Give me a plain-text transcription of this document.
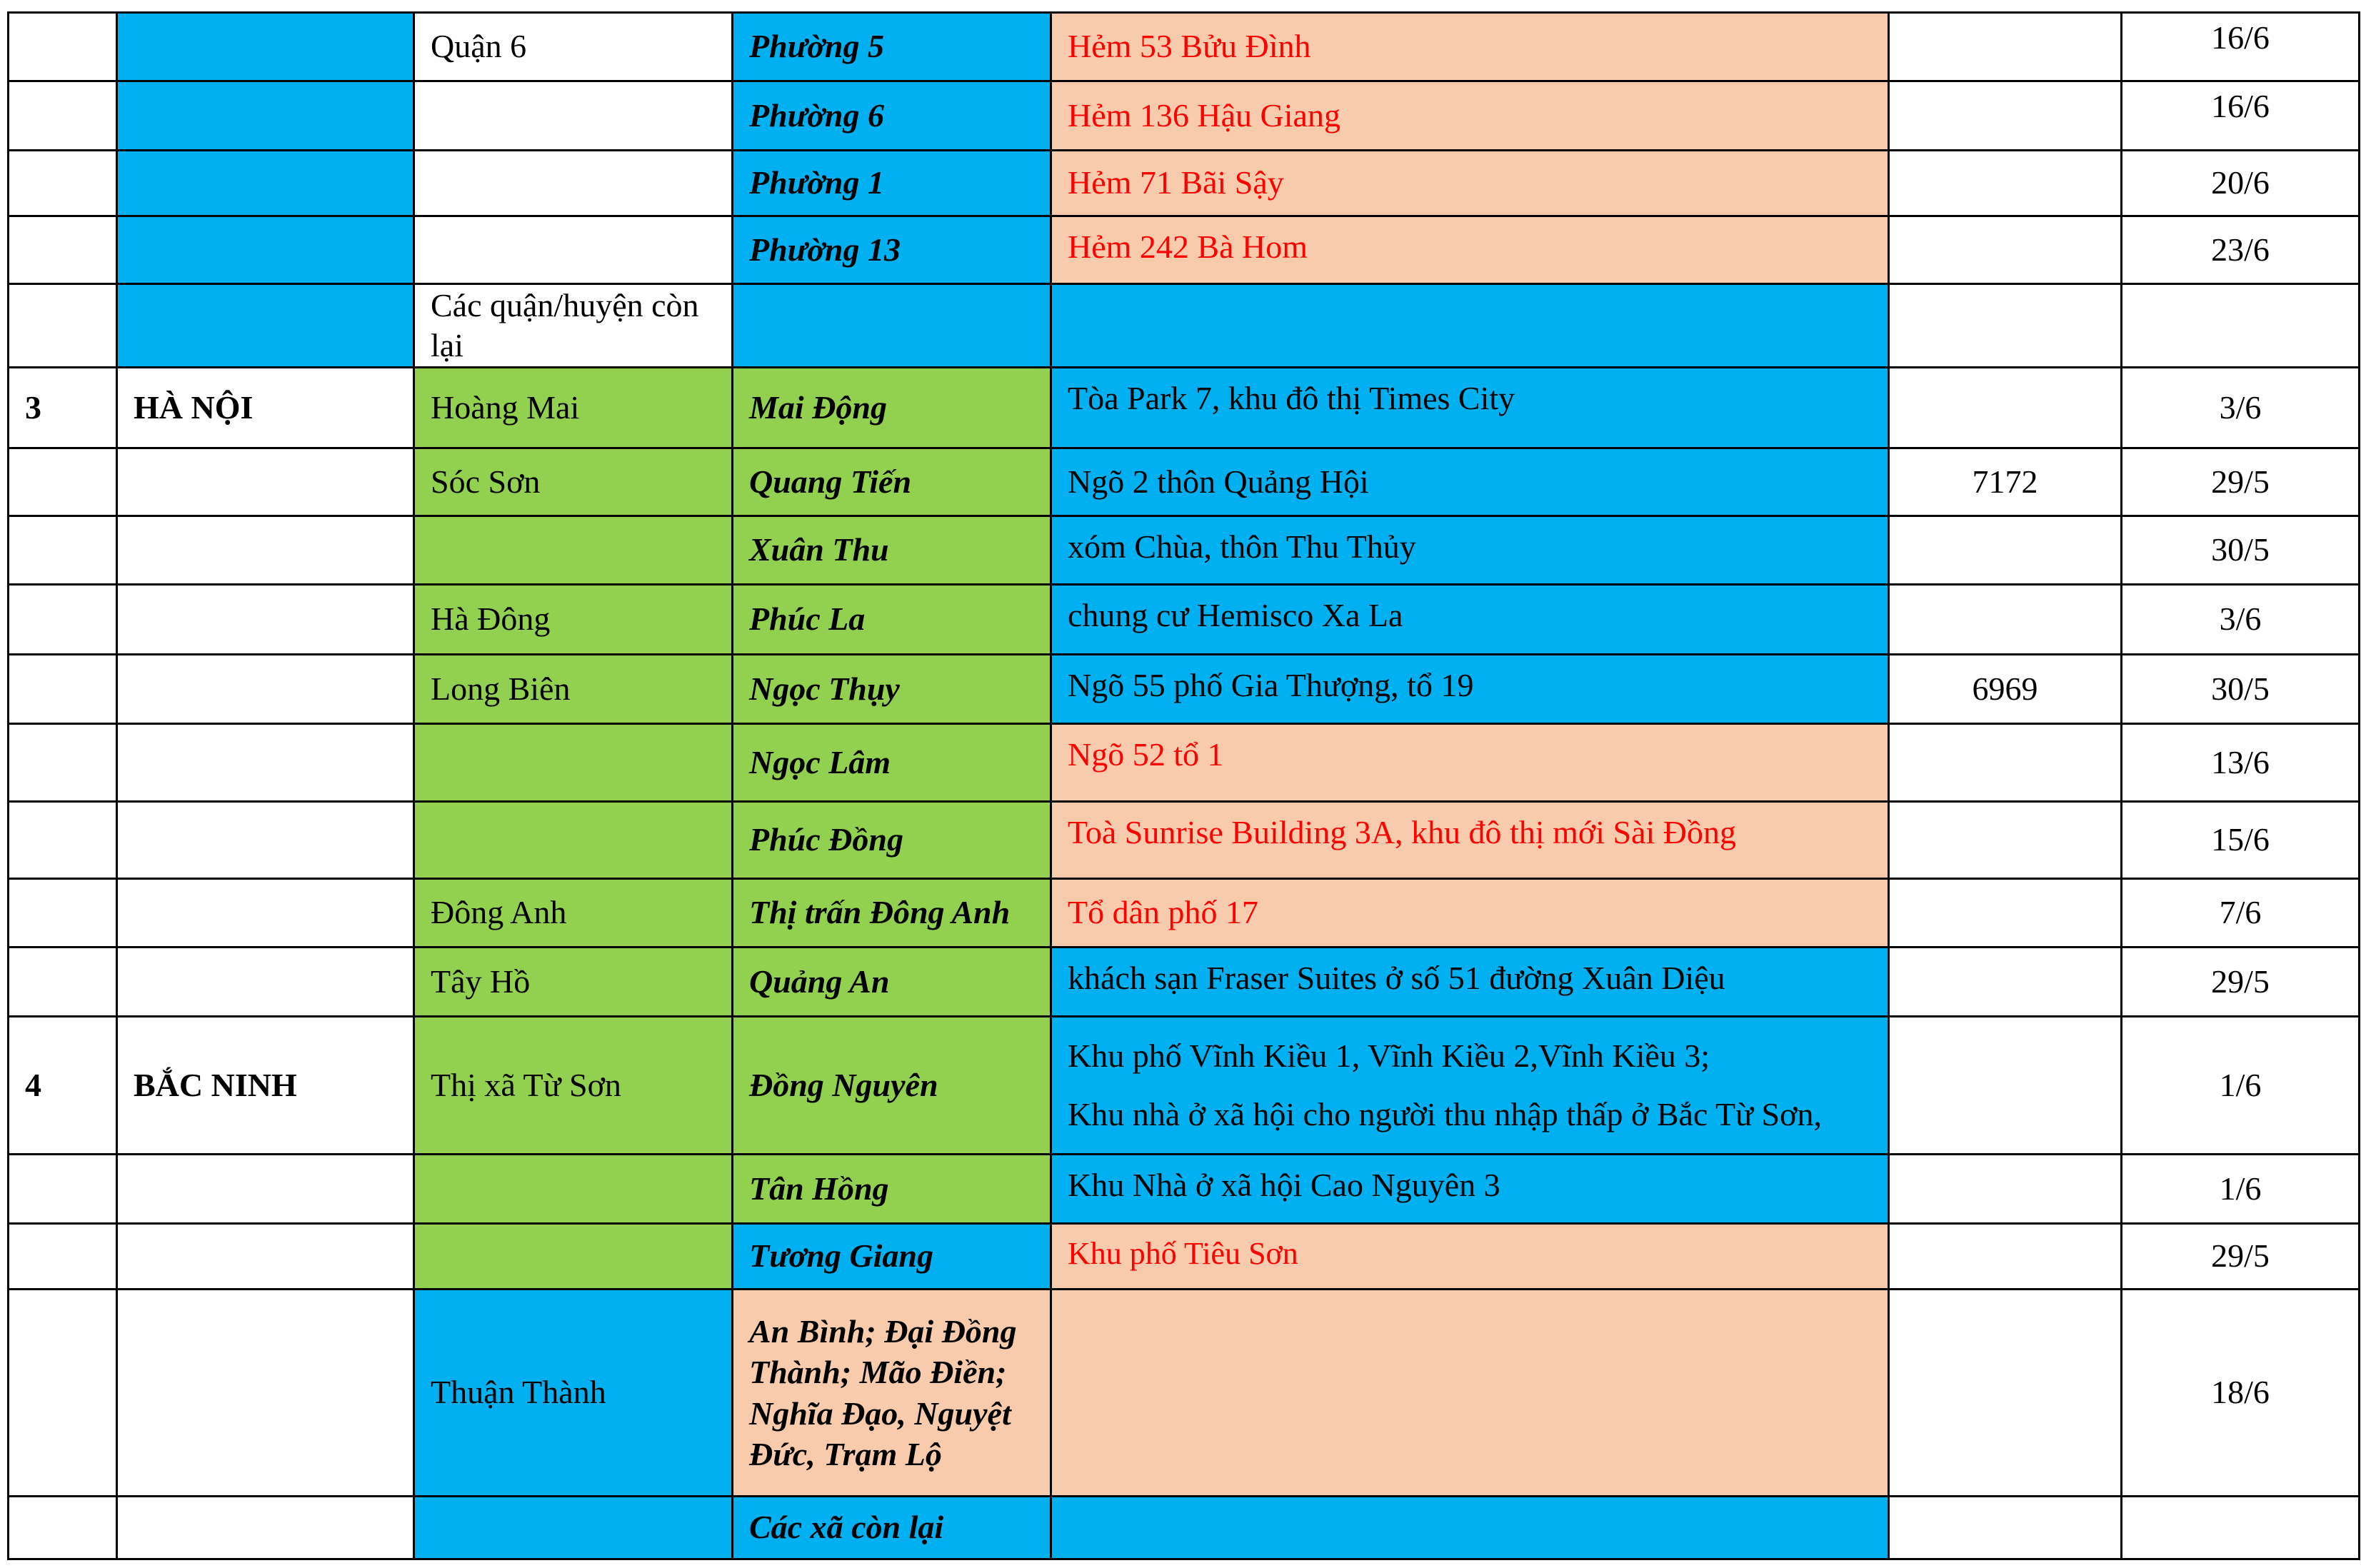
		Quận 6	Phường 5	Hẻm 53 Bửu Đình		16/6
			Phường 6	Hẻm 136 Hậu Giang		16/6
			Phường 1	Hẻm 71 Bãi Sậy		20/6
			Phường 13	Hẻm 242 Bà Hom		23/6
		Các quận/huyện còn lại		

3	HÀ NỘI	Hoàng Mai	Mai Động	Tòa Park 7, khu đô thị Times City		3/6
		Sóc Sơn	Quang Tiến	Ngõ 2 thôn Quảng Hội	7172	29/5
			Xuân Thu	xóm Chùa, thôn Thu Thủy		30/5
		Hà Đông	Phúc La	chung cư Hemisco Xa La		3/6
		Long Biên	Ngọc Thụy	Ngõ 55 phố Gia Thượng, tổ 19	6969	30/5
			Ngọc Lâm	Ngõ 52 tổ 1		13/6
			Phúc Đồng	Toà Sunrise Building 3A, khu đô thị mới Sài Đồng		15/6
		Đông Anh	Thị trấn Đông Anh	Tổ dân phố 17		7/6
		Tây Hồ	Quảng An	khách sạn Fraser Suites ở số 51 đường Xuân Diệu		29/5
4	BẮC NINH	Thị xã Từ Sơn	Đồng Nguyên	Khu phố Vĩnh Kiều 1, Vĩnh Kiều 2,Vĩnh Kiều 3;
Khu nhà ở xã hội cho người thu nhập thấp ở Bắc Từ Sơn,		1/6
			Tân Hồng	Khu Nhà ở xã hội Cao Nguyên 3		1/6
			Tương Giang	Khu phố Tiêu Sơn		29/5
		Thuận Thành	An Bình; Đại Đồng Thành; Mão Điền; Nghĩa Đạo, Nguyệt Đức, Trạm Lộ			18/6
			Các xã còn lại	
